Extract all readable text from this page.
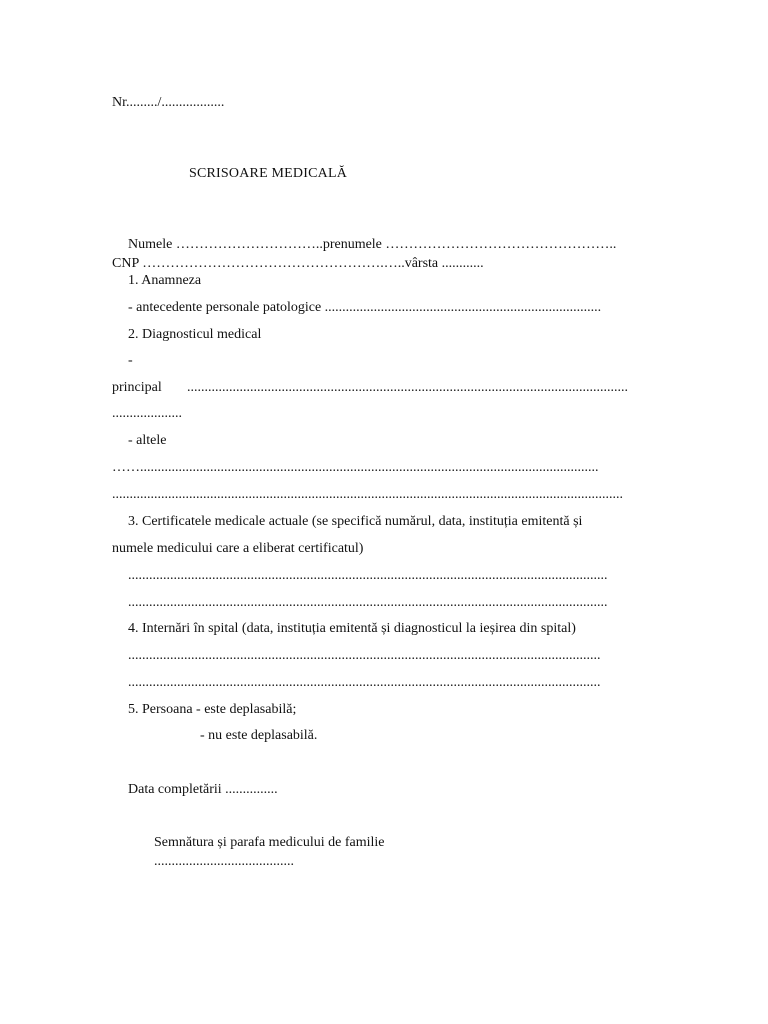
Nr........./..................
SCRISOARE MEDICALĂ
Numele …………………………..prenumele …………………………………………..
CNP …………………………………………….…..vârsta ............
1. Anamneza
- antecedente personale patologice ...............................................................................
2. Diagnosticul medical
-
principal ..............................................................................................................................
....................
- altele
……...................................................................................................................................
..................................................................................................................................................
3. Certificatele medicale actuale (se specifică numărul, data, instituția emitentă și
numele medicului care a eliberat certificatul)
.........................................................................................................................................
.........................................................................................................................................
4. Internări în spital (data, instituția emitentă și diagnosticul la ieșirea din spital)
.......................................................................................................................................
.......................................................................................................................................
5. Persoana - este deplasabilă;
- nu este deplasabilă.
Data completării ...............
Semnătura și parafa medicului de familie
........................................
